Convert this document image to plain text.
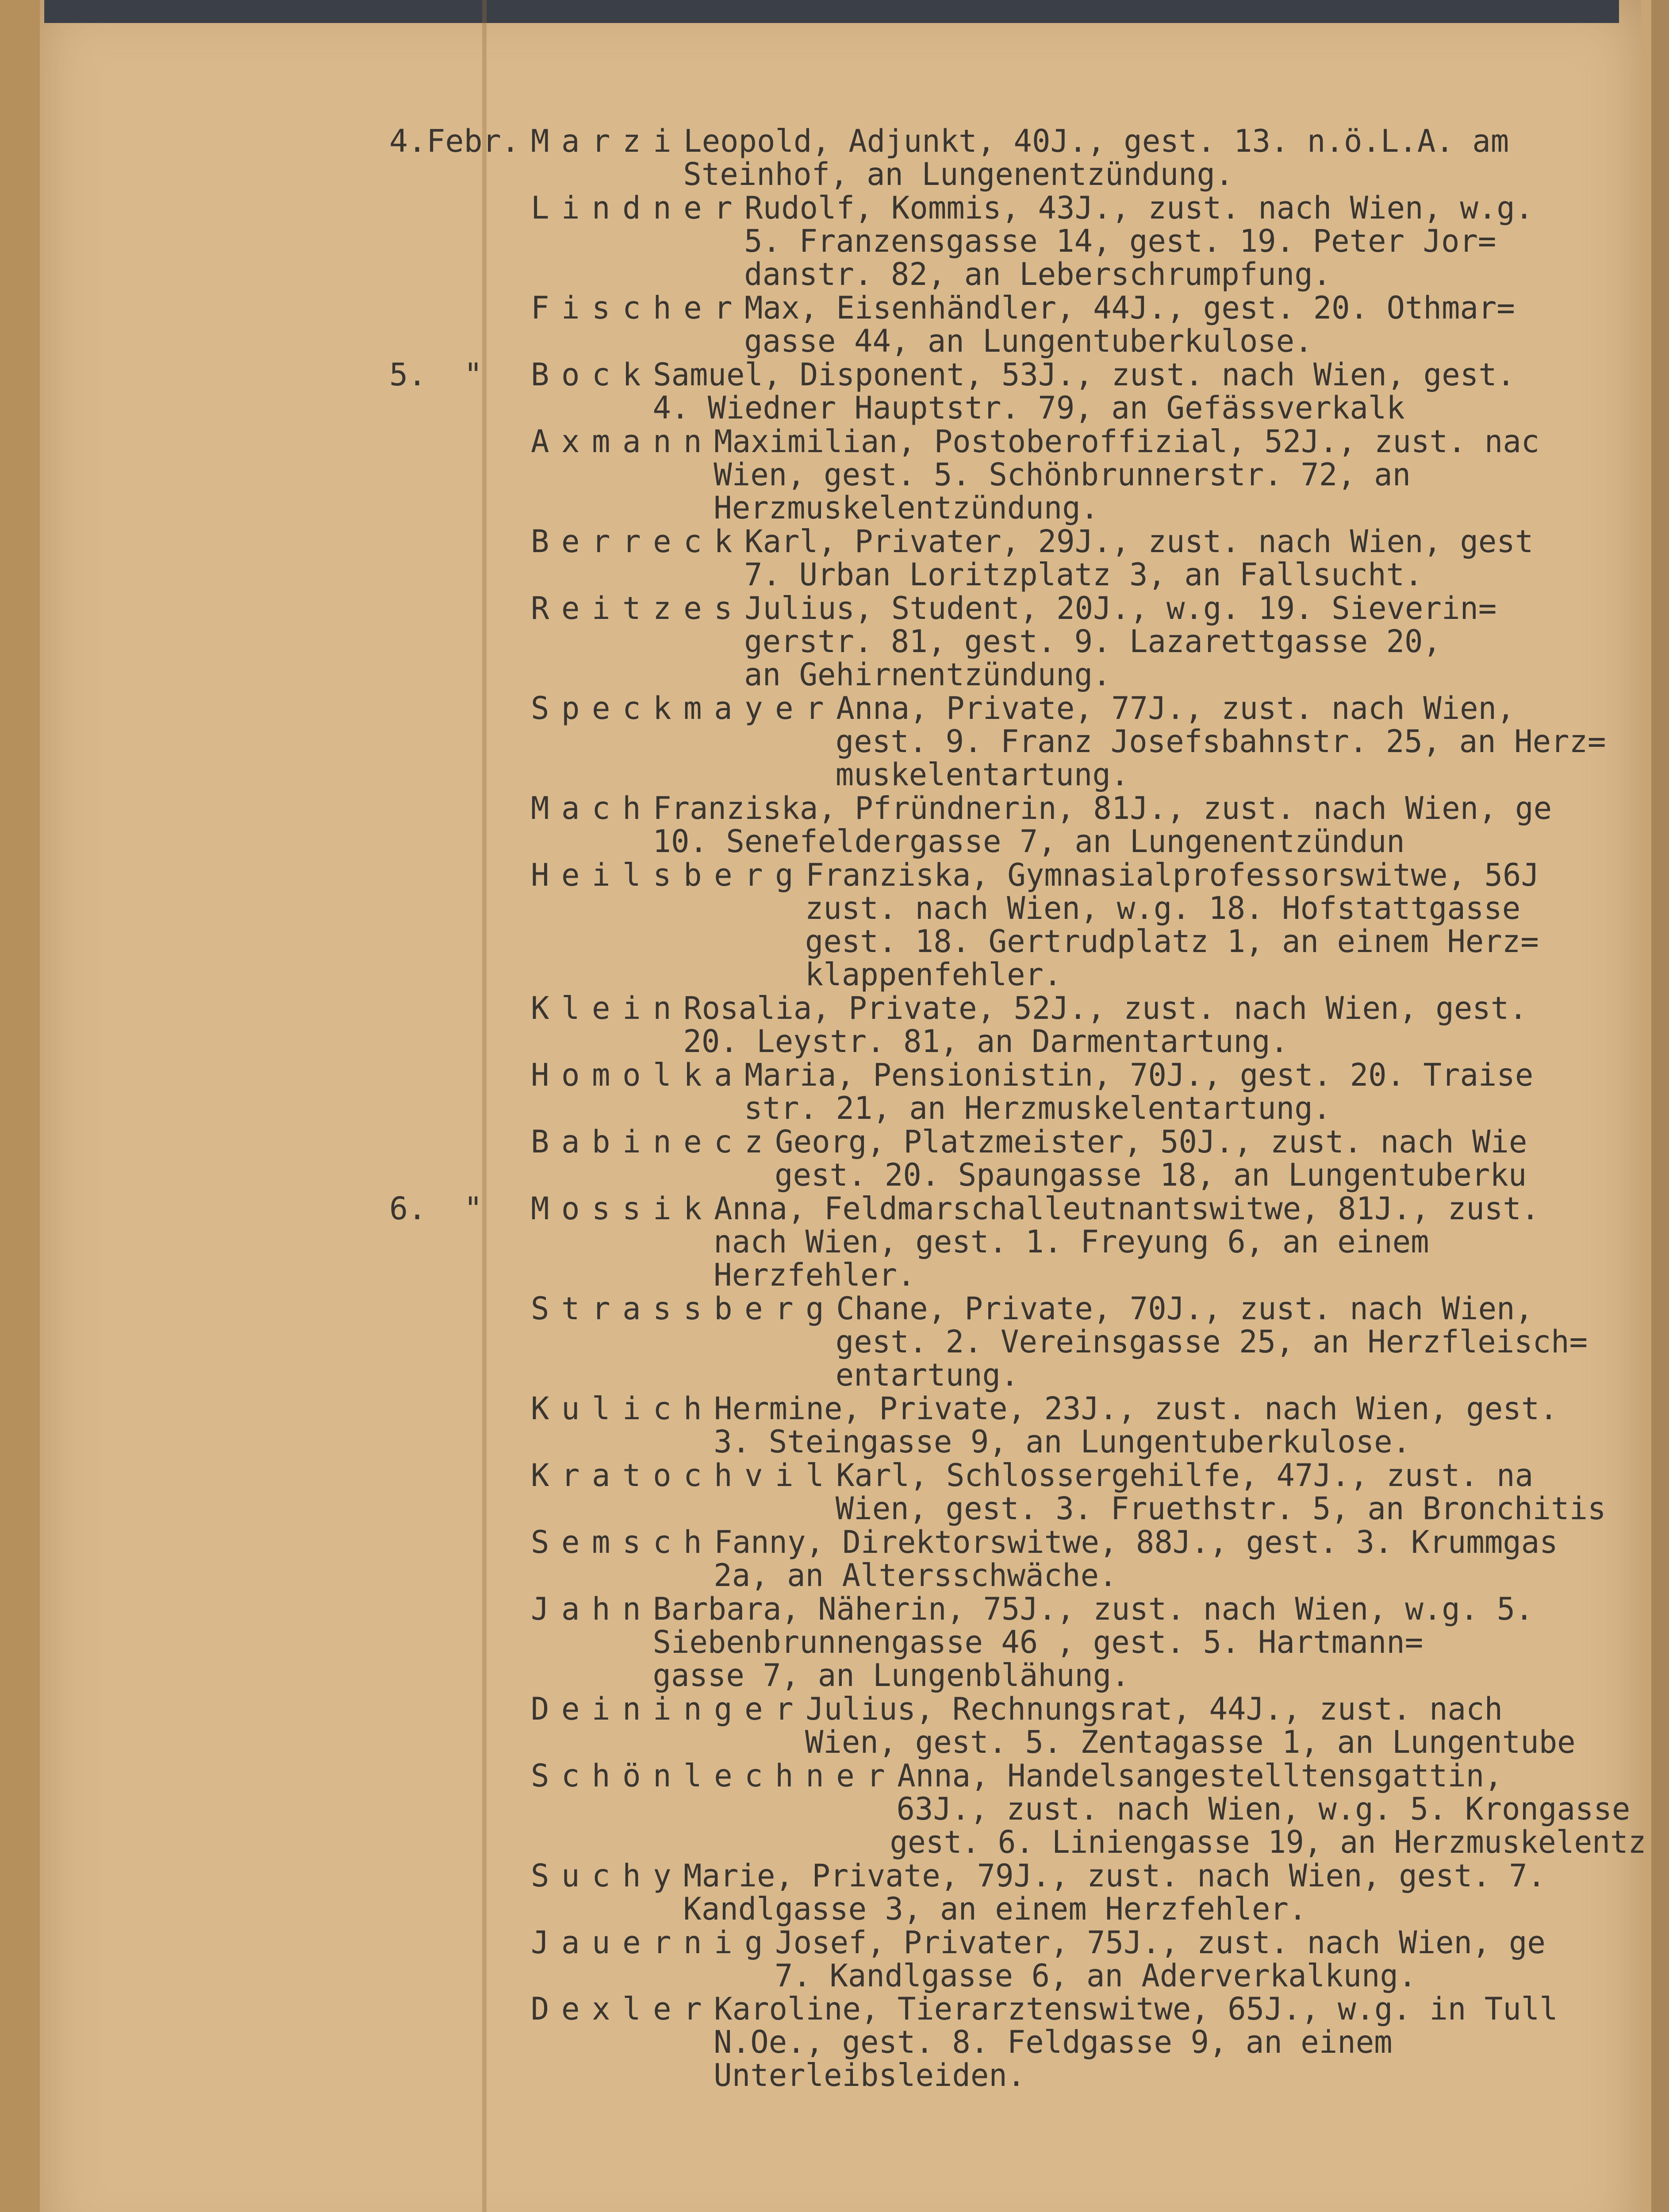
4.Febr. MarziLeopold, Adjunkt, 40J., gest. 13. n.ö.L.A. am
Steinhof, an Lungenentzündung.
LindnerRudolf, Kommis, 43J., zust. nach Wien, w.g.
5. Franzensgasse 14, gest. 19. Peter Jor=
danstr. 82, an Leberschrumpfung.
FischerMax, Eisenhändler, 44J., gest. 20. Othmar=
gasse 44, an Lungentuberkulose.
5.  " BockSamuel, Disponent, 53J., zust. nach Wien, gest.
4. Wiedner Hauptstr. 79, an Gefässverkalk
AxmannMaximilian, Postoberoffizial, 52J., zust. nac
Wien, gest. 5. Schönbrunnerstr. 72, an
Herzmuskelentzündung.
BerreckKarl, Privater, 29J., zust. nach Wien, gest
7. Urban Loritzplatz 3, an Fallsucht.
ReitzesJulius, Student, 20J., w.g. 19. Sieverin=
gerstr. 81, gest. 9. Lazarettgasse 20,
an Gehirnentzündung.
SpeckmayerAnna, Private, 77J., zust. nach Wien,
gest. 9. Franz Josefsbahnstr. 25, an Herz=
muskelentartung.
MachFranziska, Pfründnerin, 81J., zust. nach Wien, ge
10. Senefeldergasse 7, an Lungenentzündun
HeilsbergFranziska, Gymnasialprofessorswitwe, 56J
zust. nach Wien, w.g. 18. Hofstattgasse
gest. 18. Gertrudplatz 1, an einem Herz=
klappenfehler.
KleinRosalia, Private, 52J., zust. nach Wien, gest.
20. Leystr. 81, an Darmentartung.
HomolkaMaria, Pensionistin, 70J., gest. 20. Traise
str. 21, an Herzmuskelentartung.
BabineczGeorg, Platzmeister, 50J., zust. nach Wie
gest. 20. Spaungasse 18, an Lungentuberku
6.  " MossikAnna, Feldmarschalleutnantswitwe, 81J., zust.
nach Wien, gest. 1. Freyung 6, an einem
Herzfehler.
StrassbergChane, Private, 70J., zust. nach Wien,
gest. 2. Vereinsgasse 25, an Herzfleisch=
entartung.
KulichHermine, Private, 23J., zust. nach Wien, gest.
3. Steingasse 9, an Lungentuberkulose.
KratochvilKarl, Schlossergehilfe, 47J., zust. na
Wien, gest. 3. Fruethstr. 5, an Bronchitis
SemschFanny, Direktorswitwe, 88J., gest. 3. Krummgas
2a, an Altersschwäche.
JahnBarbara, Näherin, 75J., zust. nach Wien, w.g. 5.
Siebenbrunnengasse 46 , gest. 5. Hartmann=
gasse 7, an Lungenblähung.
DeiningerJulius, Rechnungsrat, 44J., zust. nach
Wien, gest. 5. Zentagasse 1, an Lungentube
SchönlechnerAnna, Handelsangestelltensgattin,
63J., zust. nach Wien, w.g. 5. Krongasse
gest. 6. Liniengasse 19, an Herzmuskelentz
SuchyMarie, Private, 79J., zust. nach Wien, gest. 7.
Kandlgasse 3, an einem Herzfehler.
JauernigJosef, Privater, 75J., zust. nach Wien, ge
7. Kandlgasse 6, an Aderverkalkung.
DexlerKaroline, Tierarztenswitwe, 65J., w.g. in Tull
N.Oe., gest. 8. Feldgasse 9, an einem
Unterleibsleiden.
